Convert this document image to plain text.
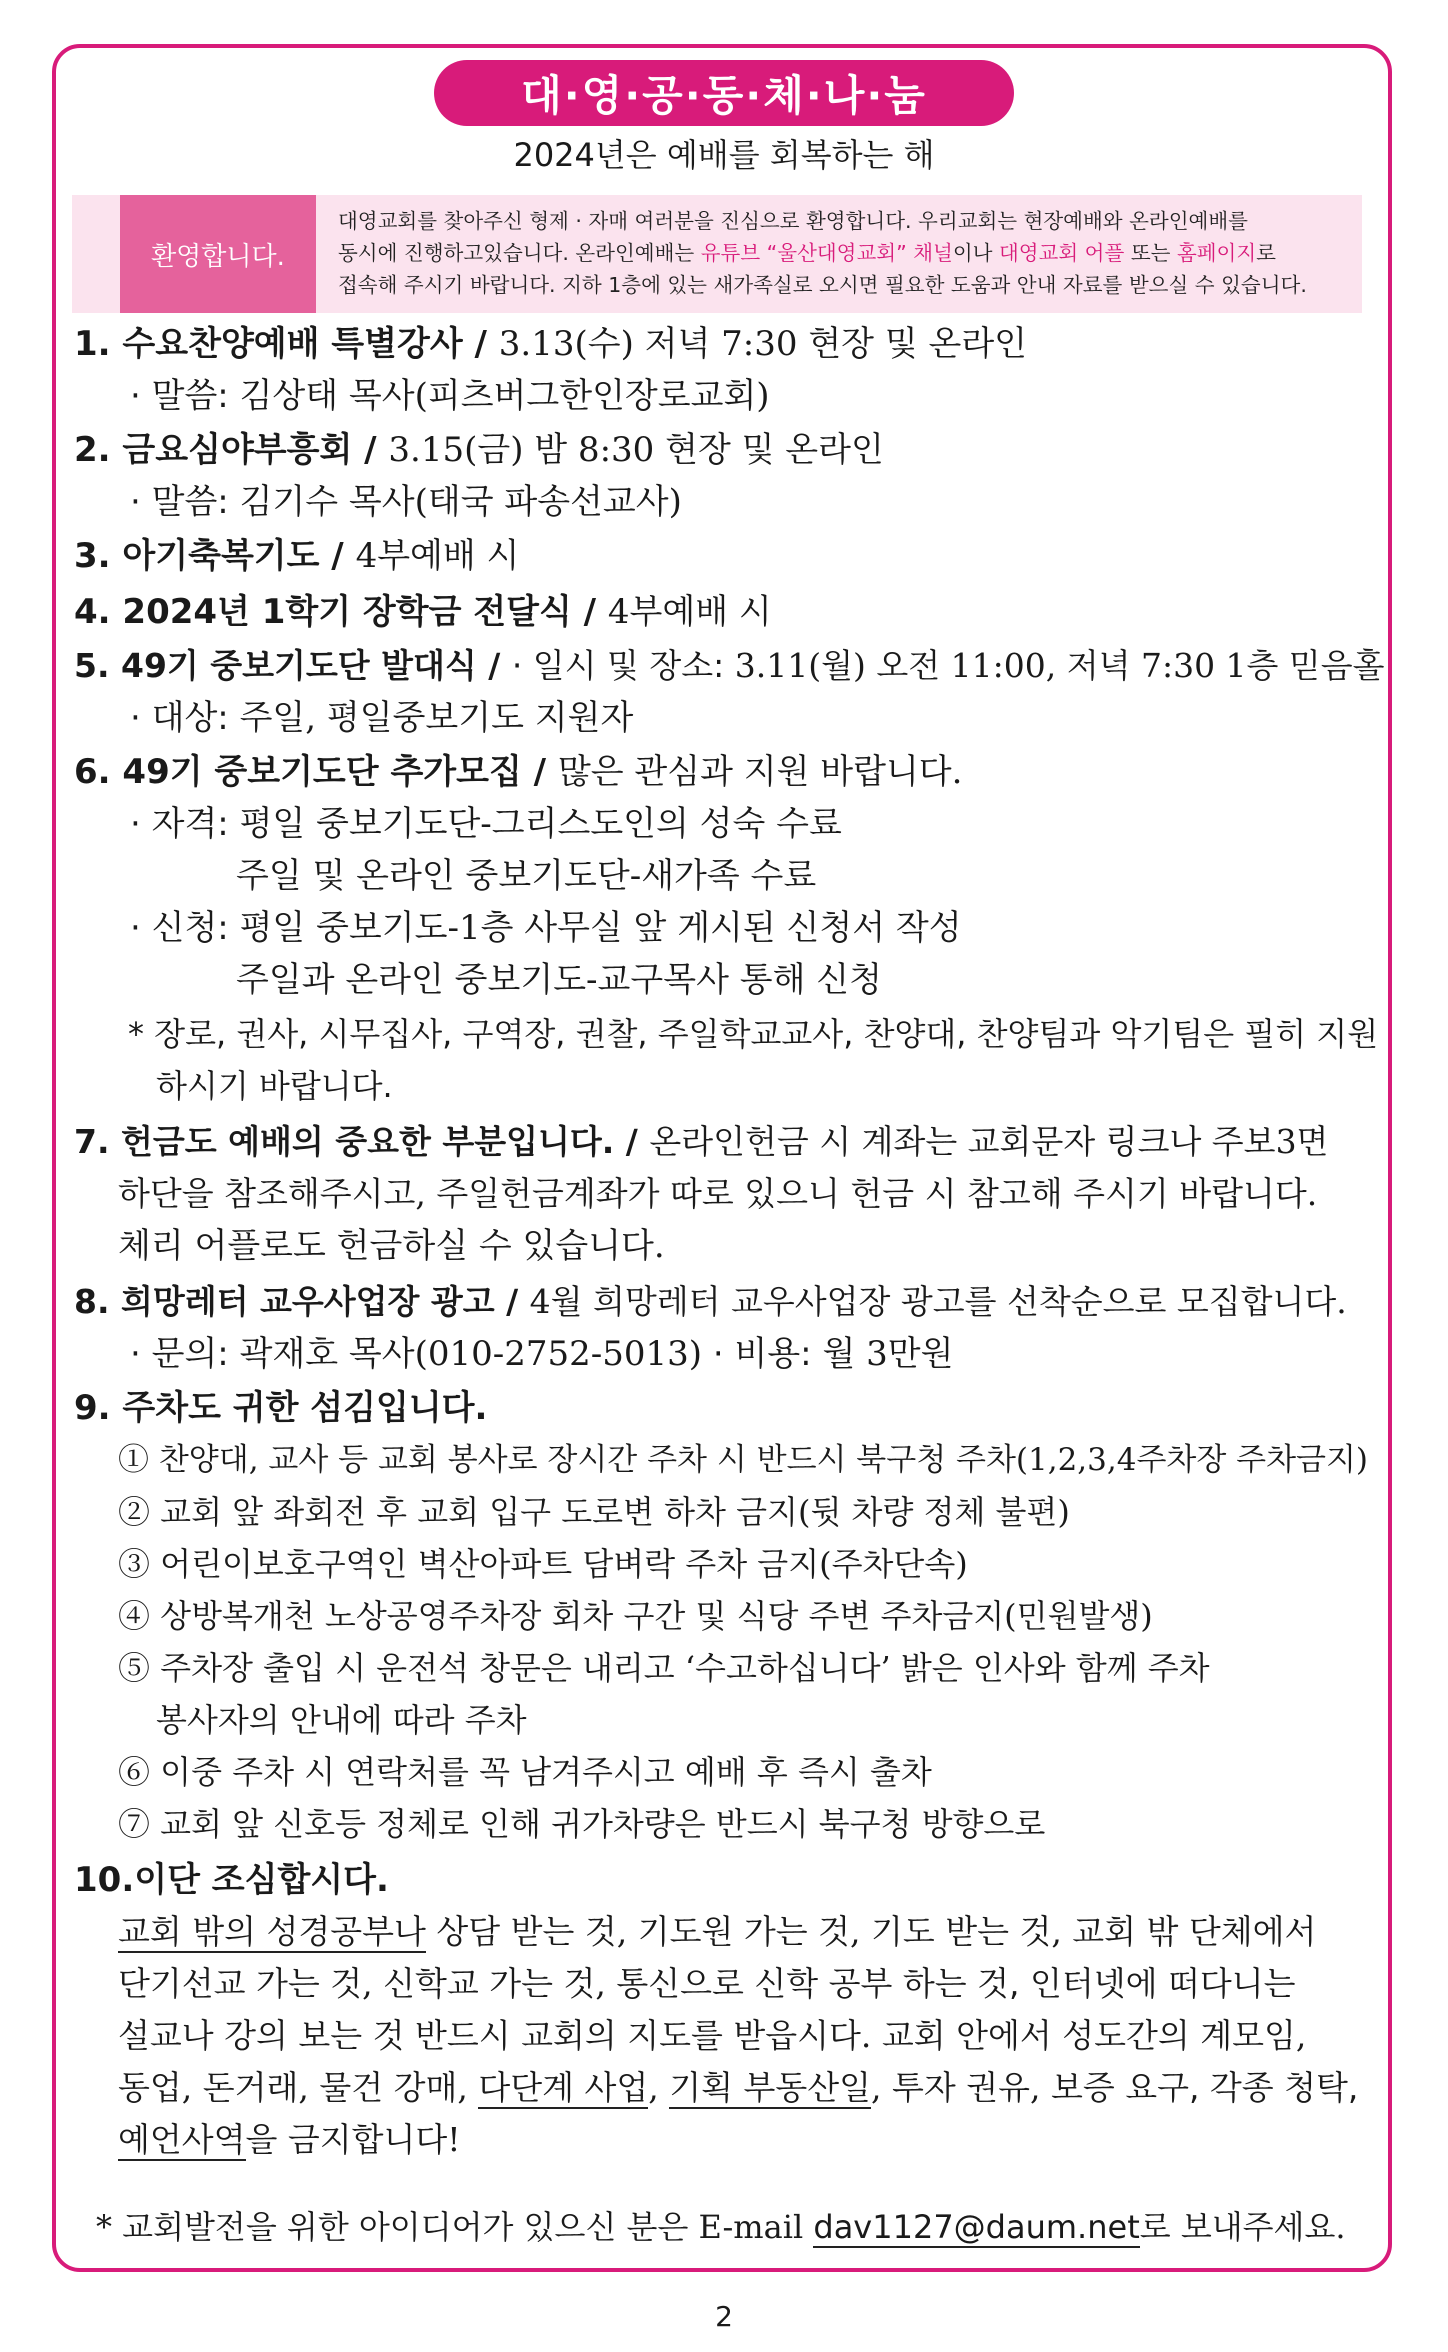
대·영·공·동·체·나·눔
2024년은 예배를 회복하는 해
환영합니다.
대영교회를 찾아주신 형제 · 자매 여러분을 진심으로 환영합니다. 우리교회는 현장예배와 온라인예배를
동시에 진행하고있습니다. 온라인예배는 유튜브 “울산대영교회” 채널이나 대영교회 어플 또는 홈페이지로
접속해 주시기 바랍니다. 지하 1층에 있는 새가족실로 오시면 필요한 도움과 안내 자료를 받으실 수 있습니다.
1. 수요찬양예배 특별강사 / 3.13(수) 저녁 7:30 현장 및 온라인
· 말씀: 김상태 목사(피츠버그한인장로교회)
2. 금요심야부흥회 / 3.15(금) 밤 8:30 현장 및 온라인
· 말씀: 김기수 목사(태국 파송선교사)
3. 아기축복기도 / 4부예배 시
4. 2024년 1학기 장학금 전달식 / 4부예배 시
5. 49기 중보기도단 발대식 / · 일시 및 장소: 3.11(월) 오전 11:00, 저녁 7:30 1층 믿음홀
· 대상: 주일, 평일중보기도 지원자
6. 49기 중보기도단 추가모집 / 많은 관심과 지원 바랍니다.
· 자격: 평일 중보기도단-그리스도인의 성숙 수료
주일 및 온라인 중보기도단-새가족 수료
· 신청: 평일 중보기도-1층 사무실 앞 게시된 신청서 작성
주일과 온라인 중보기도-교구목사 통해 신청
* 장로, 권사, 시무집사, 구역장, 권찰, 주일학교교사, 찬양대, 찬양팀과 악기팀은 필히 지원
하시기 바랍니다.
7. 헌금도 예배의 중요한 부분입니다. / 온라인헌금 시 계좌는 교회문자 링크나 주보3면
하단을 참조해주시고, 주일헌금계좌가 따로 있으니 헌금 시 참고해 주시기 바랍니다.
체리 어플로도 헌금하실 수 있습니다.
8. 희망레터 교우사업장 광고 / 4월 희망레터 교우사업장 광고를 선착순으로 모집합니다.
· 문의: 곽재호 목사(010-2752-5013) · 비용: 월 3만원
9. 주차도 귀한 섬김입니다.
① 찬양대, 교사 등 교회 봉사로 장시간 주차 시 반드시 북구청 주차(1,2,3,4주차장 주차금지)
② 교회 앞 좌회전 후 교회 입구 도로변 하차 금지(뒷 차량 정체 불편)
③ 어린이보호구역인 벽산아파트 담벼락 주차 금지(주차단속)
④ 상방복개천 노상공영주차장 회차 구간 및 식당 주변 주차금지(민원발생)
⑤ 주차장 출입 시 운전석 창문은 내리고 ‘수고하십니다’ 밝은 인사와 함께 주차
봉사자의 안내에 따라 주차
⑥ 이중 주차 시 연락처를 꼭 남겨주시고 예배 후 즉시 출차
⑦ 교회 앞 신호등 정체로 인해 귀가차량은 반드시 북구청 방향으로
10.이단 조심합시다.
교회 밖의 성경공부나 상담 받는 것, 기도원 가는 것, 기도 받는 것, 교회 밖 단체에서
단기선교 가는 것, 신학교 가는 것, 통신으로 신학 공부 하는 것, 인터넷에 떠다니는
설교나 강의 보는 것 반드시 교회의 지도를 받읍시다. 교회 안에서 성도간의 계모임,
동업, 돈거래, 물건 강매, 다단계 사업, 기획 부동산일, 투자 권유, 보증 요구, 각종 청탁,
예언사역을 금지합니다!
* 교회발전을 위한 아이디어가 있으신 분은 E-mail dav1127@daum.net로 보내주세요.
2
